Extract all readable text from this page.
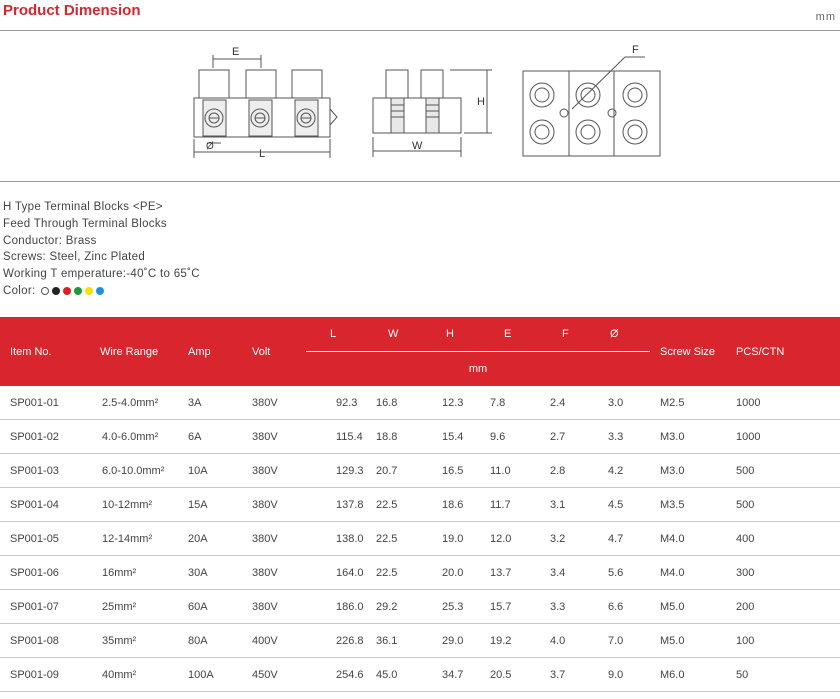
Product Dimension	mm
E
Ø
L
H
W
F
H Type Terminal Blocks <PE>
Feed Through Terminal Blocks
Conductor: Brass
Screws: Steel, Zinc Plated
Working T emperature:-40˚C to 65˚C
Color:
Item No.	Wire Range	Amp	Volt	L	W	H	E	F	Ø	Screw Size	PCS/CTN
				mm							
SP001-01	2.5-4.0mm²	3A	380V	92.3	16.8	12.3	7.8	2.4	3.0	M2.5	1000
SP001-02	4.0-6.0mm²	6A	380V	115.4	18.8	15.4	9.6	2.7	3.3	M3.0	1000
SP001-03	6.0-10.0mm²	10A	380V	129.3	20.7	16.5	11.0	2.8	4.2	M3.0	500
SP001-04	10-12mm²	15A	380V	137.8	22.5	18.6	11.7	3.1	4.5	M3.5	500
SP001-05	12-14mm²	20A	380V	138.0	22.5	19.0	12.0	3.2	4.7	M4.0	400
SP001-06	16mm²	30A	380V	164.0	22.5	20.0	13.7	3.4	5.6	M4.0	300
SP001-07	25mm²	60A	380V	186.0	29.2	25.3	15.7	3.3	6.6	M5.0	200
SP001-08	35mm²	80A	400V	226.8	36.1	29.0	19.2	4.0	7.0	M5.0	100
SP001-09	40mm²	100A	450V	254.6	45.0	34.7	20.5	3.7	9.0	M6.0	50
